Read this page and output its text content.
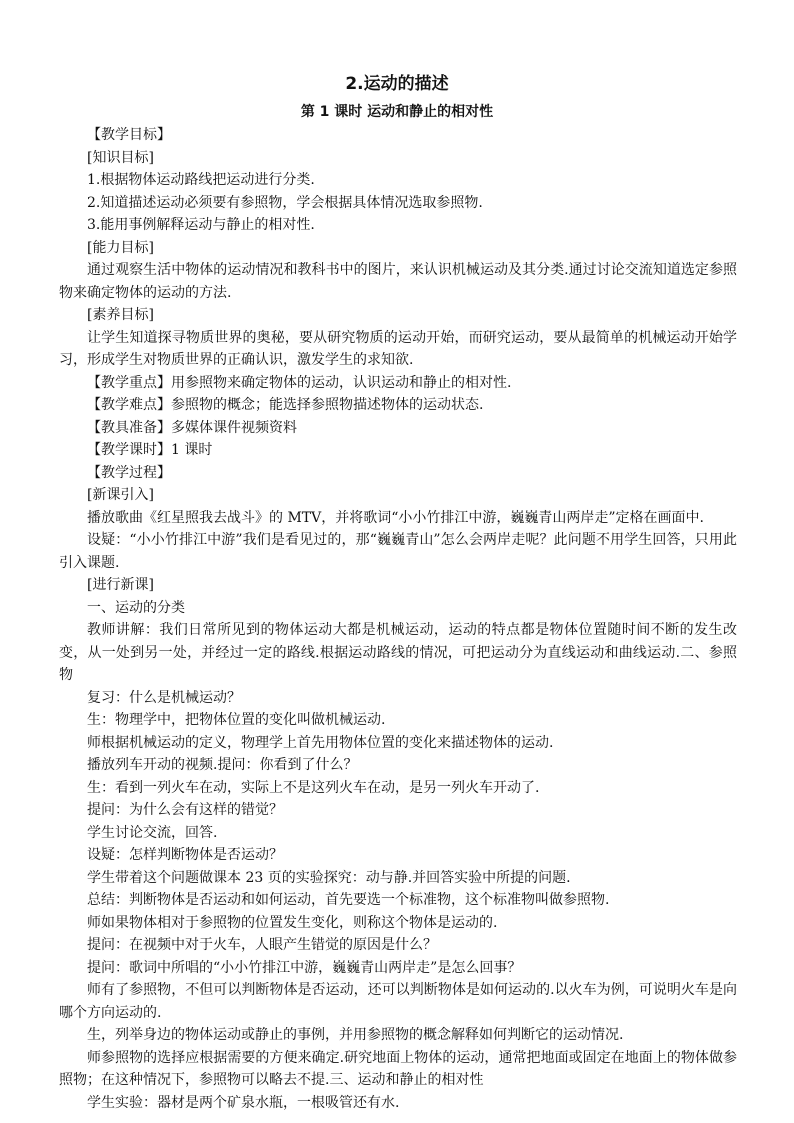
2.运动的描述
第 1 课时 运动和静止的相对性

【教学目标】

[知识目标]

1.根据物体运动路线把运动进行分类.

2.知道描述运动必须要有参照物，学会根据具体情况选取参照物.

3.能用事例解释运动与静止的相对性.

[能力目标]

通过观察生活中物体的运动情况和教科书中的图片，来认识机械运动及其分类.通过讨论交流知道选定参照物来确定物体的运动的方法.

[素养目标]

让学生知道探寻物质世界的奥秘，要从研究物质的运动开始，而研究运动，要从最简单的机械运动开始学习，形成学生对物质世界的正确认识，激发学生的求知欲.

【教学重点】用参照物来确定物体的运动，认识运动和静止的相对性.

【教学难点】参照物的概念；能选择参照物描述物体的运动状态.

【教具准备】多媒体课件视频资料

【教学课时】1 课时

【教学过程】

[新课引入]

播放歌曲《红星照我去战斗》的 MTV，并将歌词“小小竹排江中游，巍巍青山两岸走”定格在画面中.

设疑：“小小竹排江中游”我们是看见过的，那“巍巍青山”怎么会两岸走呢？此问题不用学生回答，只用此引入课题.

[进行新课]

一、运动的分类

教师讲解：我们日常所见到的物体运动大都是机械运动，运动的特点都是物体位置随时间不断的发生改变，从一处到另一处，并经过一定的路线.根据运动路线的情况，可把运动分为直线运动和曲线运动.二、参照物

复习：什么是机械运动？

生：物理学中，把物体位置的变化叫做机械运动.

师根据机械运动的定义，物理学上首先用物体位置的变化来描述物体的运动.

播放列车开动的视频.提问：你看到了什么？

生：看到一列火车在动，实际上不是这列火车在动，是另一列火车开动了.

提问：为什么会有这样的错觉？

学生讨论交流，回答.

设疑：怎样判断物体是否运动？

学生带着这个问题做课本 23 页的实验探究：动与静.并回答实验中所提的问题.

总结：判断物体是否运动和如何运动，首先要选一个标准物，这个标准物叫做参照物.

师如果物体相对于参照物的位置发生变化，则称这个物体是运动的.

提问：在视频中对于火车，人眼产生错觉的原因是什么？

提问：歌词中所唱的“小小竹排江中游，巍巍青山两岸走”是怎么回事？

师有了参照物，不但可以判断物体是否运动，还可以判断物体是如何运动的.以火车为例，可说明火车是向哪个方向运动的.

生，列举身边的物体运动或静止的事例，并用参照物的概念解释如何判断它的运动情况.

师参照物的选择应根据需要的方便来确定.研究地面上物体的运动，通常把地面或固定在地面上的物体做参照物；在这种情况下，参照物可以略去不提.三、运动和静止的相对性

学生实验：器材是两个矿泉水瓶，一根吸管还有水.
